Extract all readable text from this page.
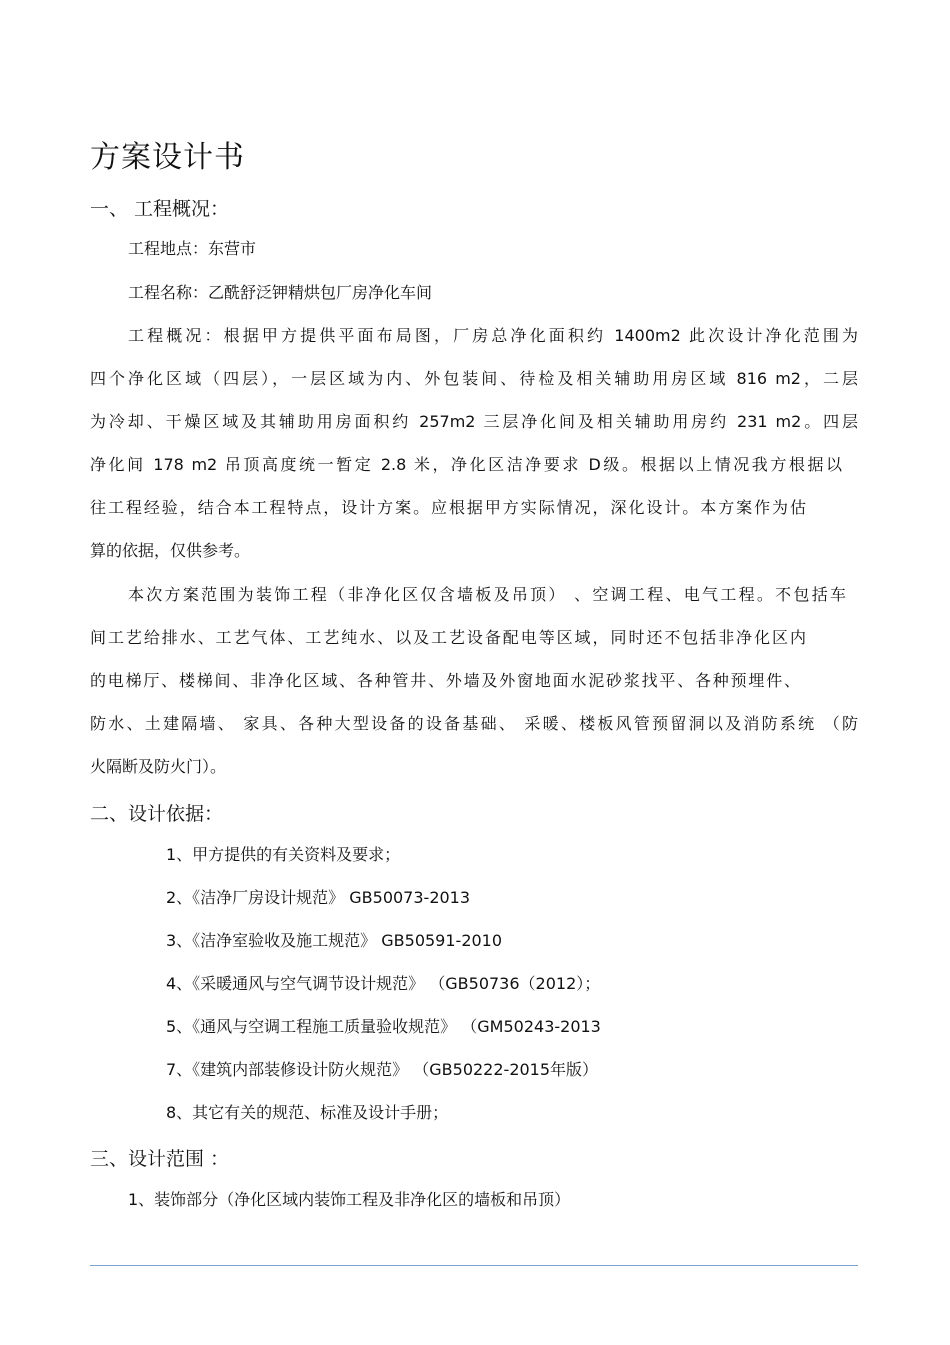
方案设计书
一、 工程概况：
工程地点：东营市
工程名称：乙酰舒泛钾精烘包厂房净化车间
工程概况：根据甲方提供平面布局图，厂房总净化面积约 1400m2 此次设计净化范围为
四个净化区域（四层），一层区域为内、外包装间、待检及相关辅助用房区域 816 m2，二层
为冷却、干燥区域及其辅助用房面积约 257m2 三层净化间及相关辅助用房约 231 m2。四层
净化间 178 m2 吊顶高度统一暂定 2.8 米，净化区洁净要求 D级。根据以上情况我方根据以
往工程经验，结合本工程特点，设计方案。应根据甲方实际情况，深化设计。本方案作为估
算的依据，仅供参考。
本次方案范围为装饰工程（非净化区仅含墙板及吊顶） 、空调工程、电气工程。不包括车
间工艺给排水、工艺气体、工艺纯水、以及工艺设备配电等区域，同时还不包括非净化区内
的电梯厅、楼梯间、非净化区域、各种管井、外墙及外窗地面水泥砂浆找平、各种预埋件、
防水、土建隔墙、 家具、各种大型设备的设备基础、 采暖、楼板风管预留洞以及消防系统 （防
火隔断及防火门）。
二、设计依据：
1、甲方提供的有关资料及要求；
2、《洁净厂房设计规范》 GB50073-2013
3、《洁净室验收及施工规范》 GB50591-2010
4、《采暖通风与空气调节设计规范》 （GB50736（2012）；
5、《通风与空调工程施工质量验收规范》 （GM50243-2013
7、《建筑内部装修设计防火规范》 （GB50222-2015年版）
8、其它有关的规范、标准及设计手册；
三、设计范围 ：
1、装饰部分（净化区域内装饰工程及非净化区的墙板和吊顶）
